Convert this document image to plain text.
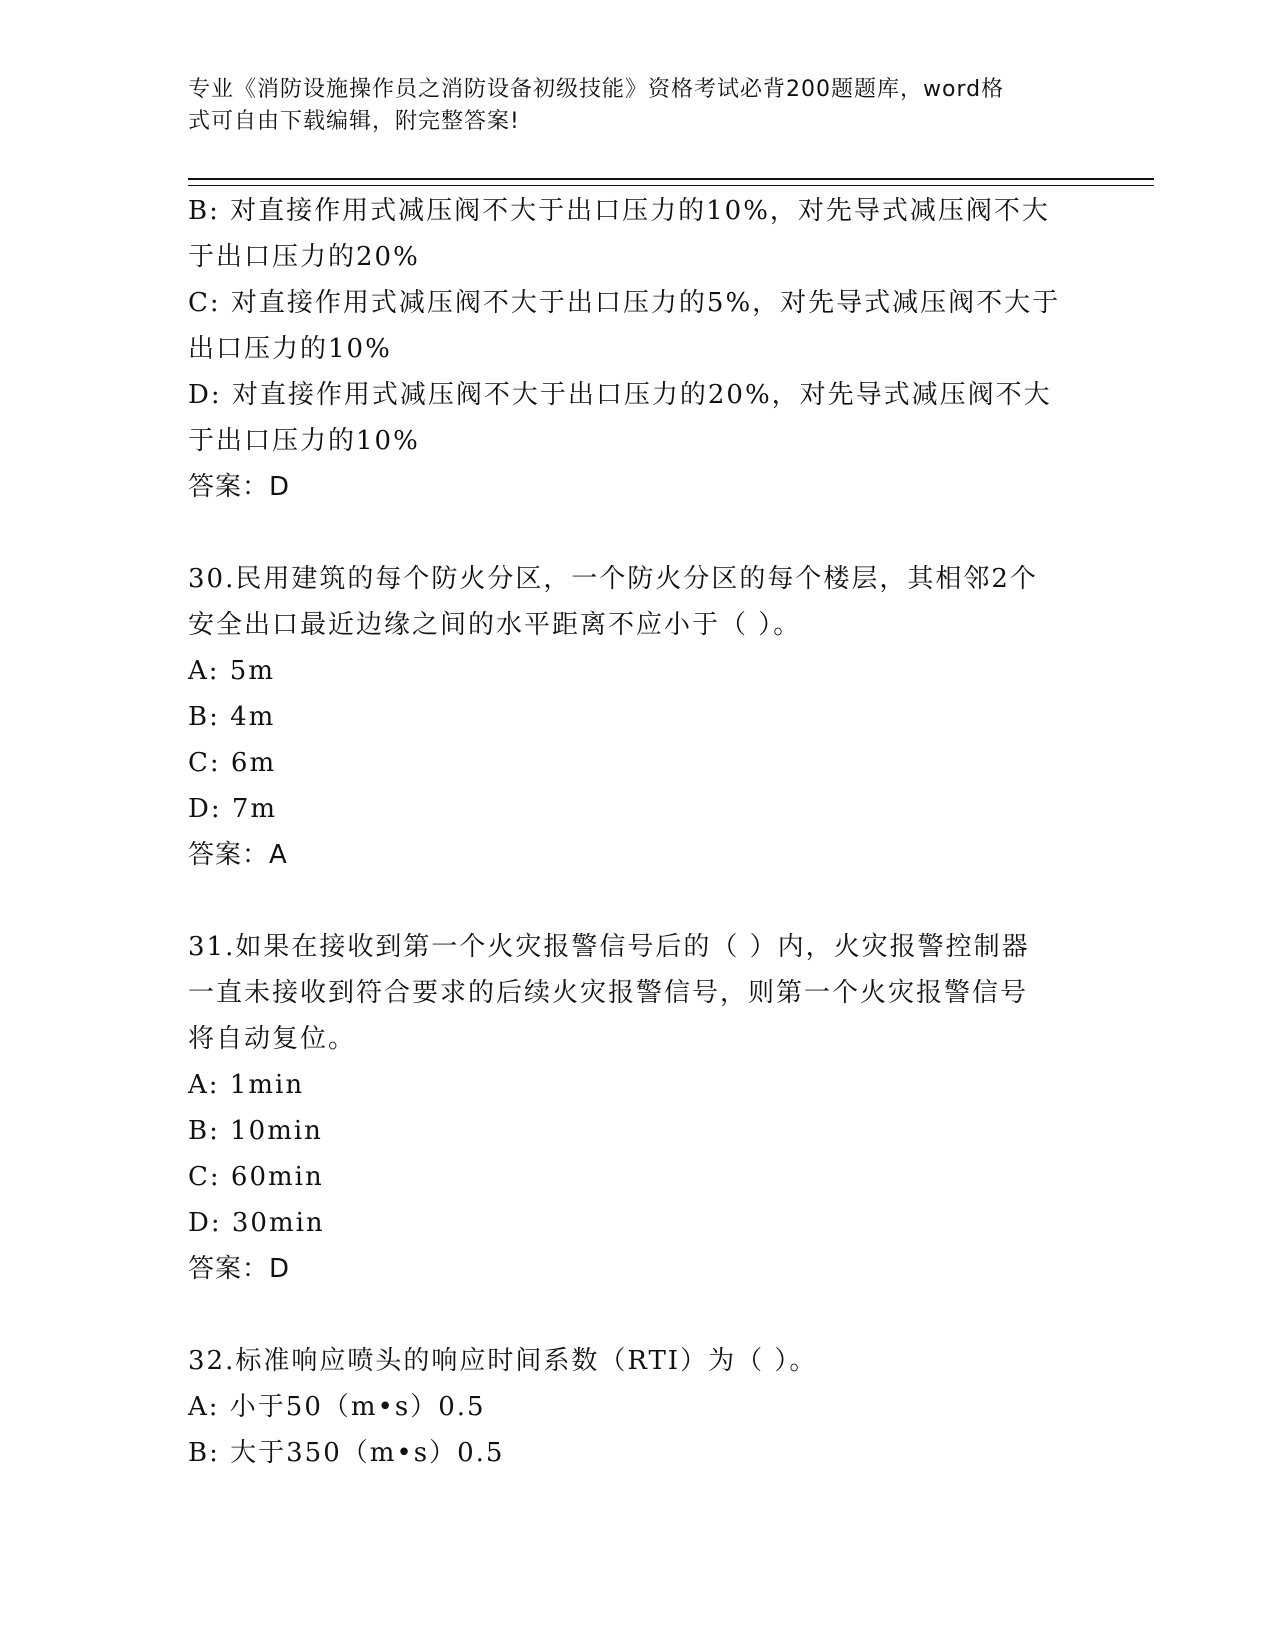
专业《消防设施操作员之消防设备初级技能》资格考试必背200题题库，word格
式可自由下载编辑，附完整答案!
B: 对直接作用式减压阀不大于出口压力的10%，对先导式减压阀不大
于出口压力的20%
C: 对直接作用式减压阀不大于出口压力的5%，对先导式减压阀不大于
出口压力的10%
D: 对直接作用式减压阀不大于出口压力的20%，对先导式减压阀不大
于出口压力的10%
答案：D
30.民用建筑的每个防火分区，一个防火分区的每个楼层，其相邻2个
安全出口最近边缘之间的水平距离不应小于（ ）。
A: 5m
B: 4m
C: 6m
D: 7m
答案：A
31.如果在接收到第一个火灾报警信号后的（ ）内，火灾报警控制器
一直未接收到符合要求的后续火灾报警信号，则第一个火灾报警信号
将自动复位。
A: 1min
B: 10min
C: 60min
D: 30min
答案：D
32.标准响应喷头的响应时间系数（RTI）为（ ）。
A: 小于50（m•s）0.5
B: 大于350（m•s）0.5
